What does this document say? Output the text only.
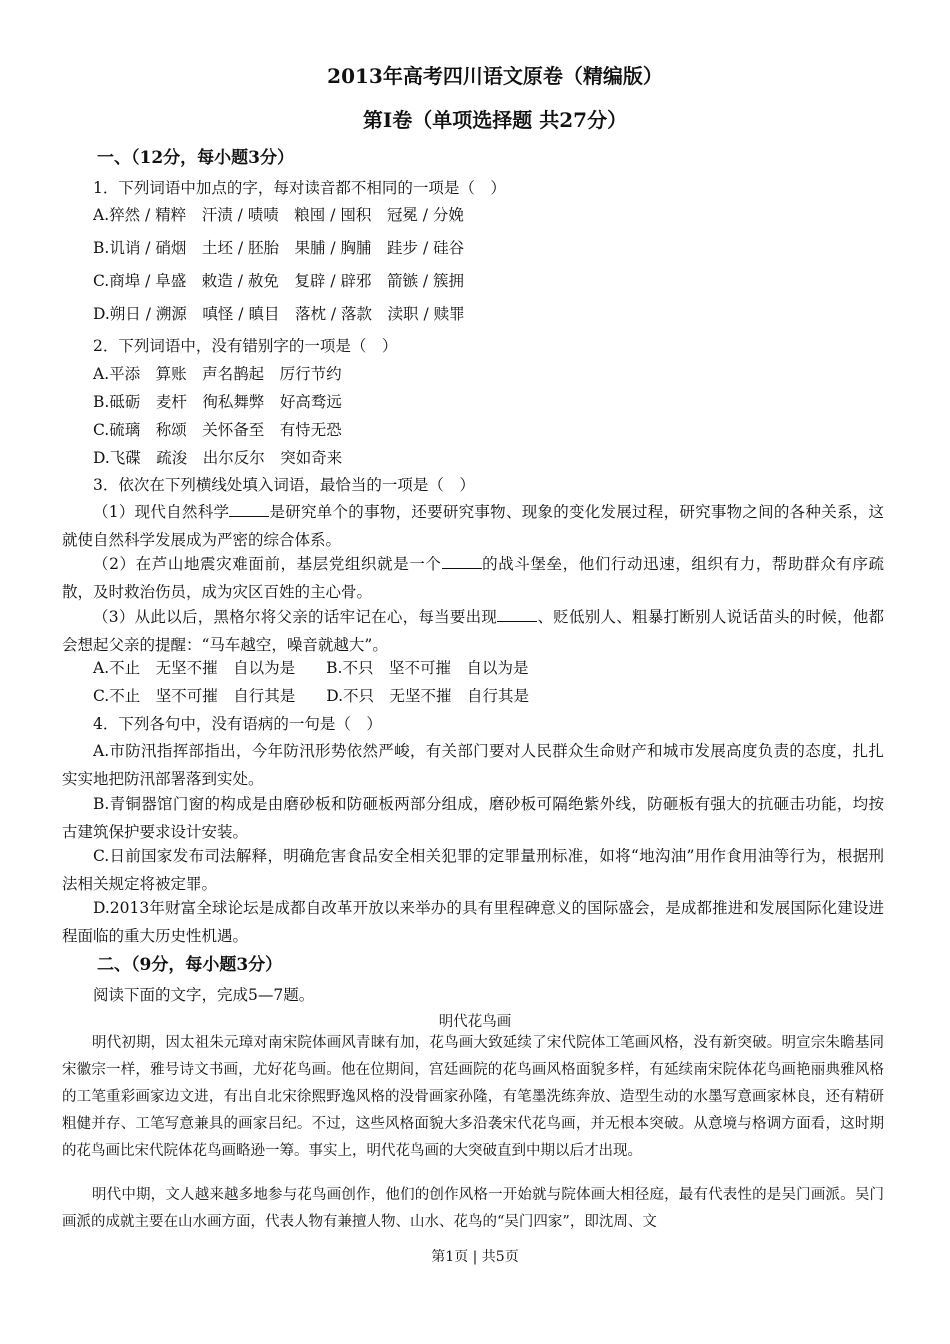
2013年高考四川语文原卷（精编版）
第Ⅰ卷（单项选择题 共27分）
一、（12分，每小题3分）
1．下列词语中加点的字，每对读音都不相同的一项是（　）
A.猝然 / 精粹　汗渍 / 啧啧　粮囤 / 囤积　冠冕 / 分娩
B.讥诮 / 硝烟　土坯 / 胚胎　果脯 / 胸脯　跬步 / 硅谷
C.商埠 / 阜盛　敕造 / 赦免　复辟 / 辟邪　箭镞 / 簇拥
D.朔日 / 溯源　嗔怪 / 瞋目　落枕 / 落款　渎职 / 赎罪
2．下列词语中，没有错别字的一项是（　）
A.平添　算账　声名鹊起　厉行节约
B.砥砺　麦杆　徇私舞弊　好高骛远
C.硫璃　称颂　关怀备至　有恃无恐
D.飞碟　疏浚　出尔反尔　突如奇来
3．依次在下列横线处填入词语，最恰当的一项是（　）
（1）现代自然科学	是研究单个的事物，还要研究事物、现象的变化发展过程，研究事物之间的各种关系，这就使自然科学发展成为严密的综合体系。
（2）在芦山地震灾难面前，基层党组织就是一个	的战斗堡垒，他们行动迅速，组织有力，帮助群众有序疏散，及时救治伤员，成为灾区百姓的主心骨。
（3）从此以后，黑格尔将父亲的话牢记在心，每当要出现	、贬低别人、粗暴打断别人说话苗头的时候，他都会想起父亲的提醒：“马车越空，噪音就越大”。
A.不止　无坚不摧　自以为是　　B.不只　坚不可摧　自以为是
C.不止　坚不可摧　自行其是　　D.不只　无坚不摧　自行其是
4．下列各句中，没有语病的一句是（　）
A.市防汛指挥部指出，今年防汛形势依然严峻，有关部门要对人民群众生命财产和城市发展高度负责的态度，扎扎实实地把防汛部署落到实处。
B.青铜器馆门窗的构成是由磨砂板和防砸板两部分组成，磨砂板可隔绝紫外线，防砸板有强大的抗砸击功能，均按古建筑保护要求设计安装。
C.日前国家发布司法解释，明确危害食品安全相关犯罪的定罪量刑标准，如将“地沟油”用作食用油等行为，根据刑法相关规定将被定罪。
D.2013年财富全球论坛是成都自改革开放以来举办的具有里程碑意义的国际盛会，是成都推进和发展国际化建设进程面临的重大历史性机遇。
二、（9分，每小题3分）
阅读下面的文字，完成5—7题。
明代花鸟画
明代初期，因太祖朱元璋对南宋院体画风青睐有加，花鸟画大致延续了宋代院体工笔画风格，没有新突破。明宣宗朱瞻基同宋徽宗一样，雅号诗文书画，尤好花鸟画。他在位期间，宫廷画院的花鸟画风格面貌多样，有延续南宋院体花鸟画艳丽典雅风格的工笔重彩画家边文进，有出自北宋徐熙野逸风格的没骨画家孙隆，有笔墨洗练奔放、造型生动的水墨写意画家林良，还有精研粗健并存、工笔写意兼具的画家吕纪。不过，这些风格面貌大多沿袭宋代花鸟画，并无根本突破。从意境与格调方面看，这时期的花鸟画比宋代院体花鸟画略逊一筹。事实上，明代花鸟画的大突破直到中期以后才出现。
明代中期，文人越来越多地参与花鸟画创作，他们的创作风格一开始就与院体画大相径庭，最有代表性的是吴门画派。吴门画派的成就主要在山水画方面，代表人物有兼擅人物、山水、花鸟的“吴门四家”，即沈周、文
第1页 | 共5页
